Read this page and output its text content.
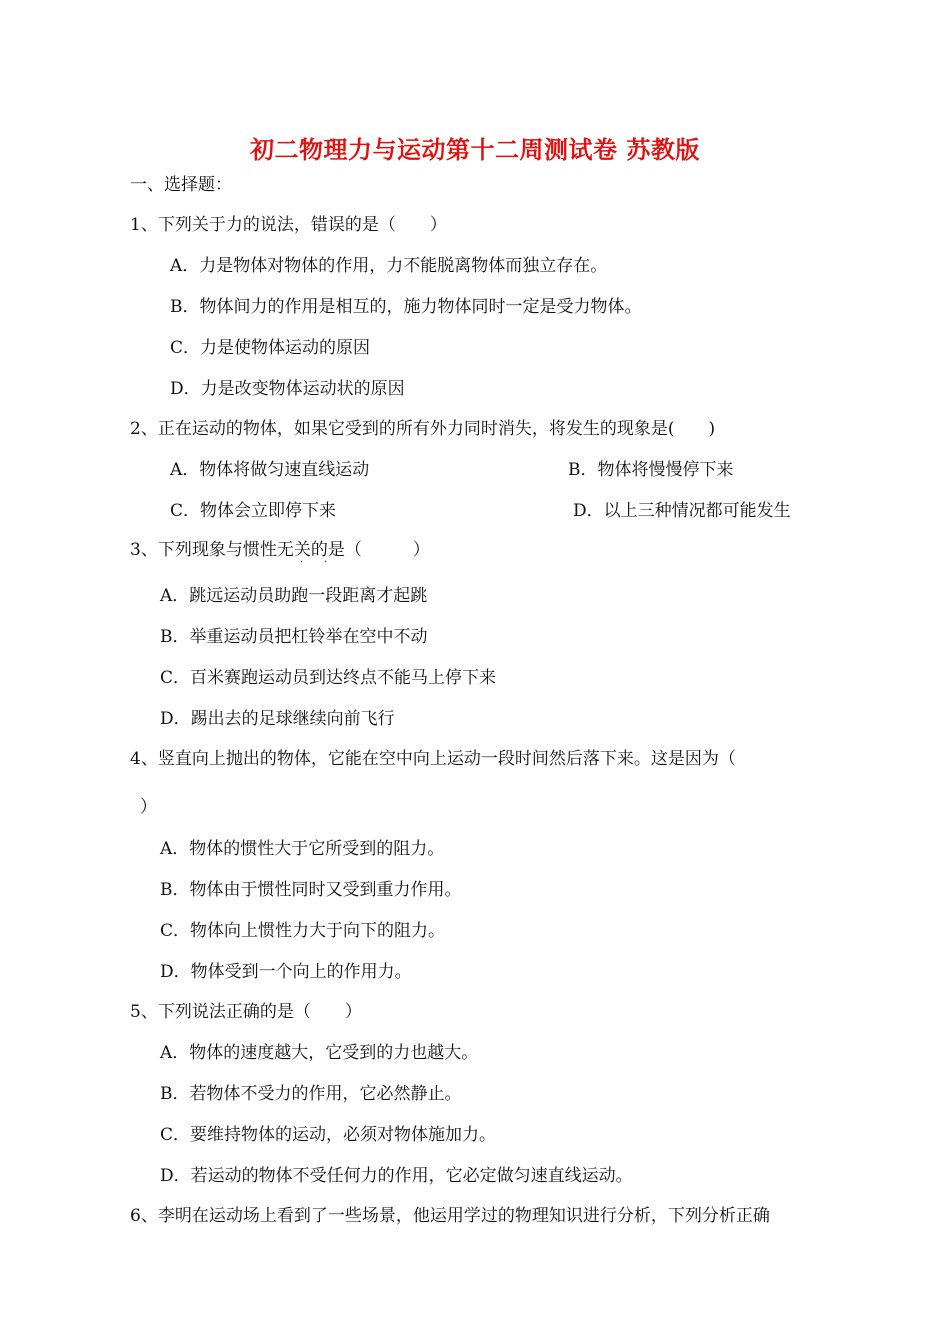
初二物理力与运动第十二周测试卷 苏教版
一、选择题：
1、下列关于力的说法，错误的是（　　）
A．力是物体对物体的作用，力不能脱离物体而独立存在。
B．物体间力的作用是相互的，施力物体同时一定是受力物体。
C．力是使物体运动的原因
D．力是改变物体运动状的原因
2、正在运动的物体，如果它受到的所有外力同时消失，将发生的现象是(　　)
A．物体将做匀速直线运动	B．物体将慢慢停下来
C．物体会立即停下来	D．以上三种情况都可能发生
3、下列现象与惯性无关的是（　　　）
· ·
A．跳远运动员助跑一段距离才起跳
B．举重运动员把杠铃举在空中不动
C．百米赛跑运动员到达终点不能马上停下来
D．踢出去的足球继续向前飞行
4、竖直向上抛出的物体，它能在空中向上运动一段时间然后落下来。这是因为（
）
A．物体的惯性大于它所受到的阻力。
B．物体由于惯性同时又受到重力作用。
C．物体向上惯性力大于向下的阻力。
D．物体受到一个向上的作用力。
5、下列说法正确的是（　　）
A．物体的速度越大，它受到的力也越大。
B．若物体不受力的作用，它必然静止。
C．要维持物体的运动，必须对物体施加力。
D．若运动的物体不受任何力的作用，它必定做匀速直线运动。
6、李明在运动场上看到了一些场景，他运用学过的物理知识进行分析，下列分析正确
